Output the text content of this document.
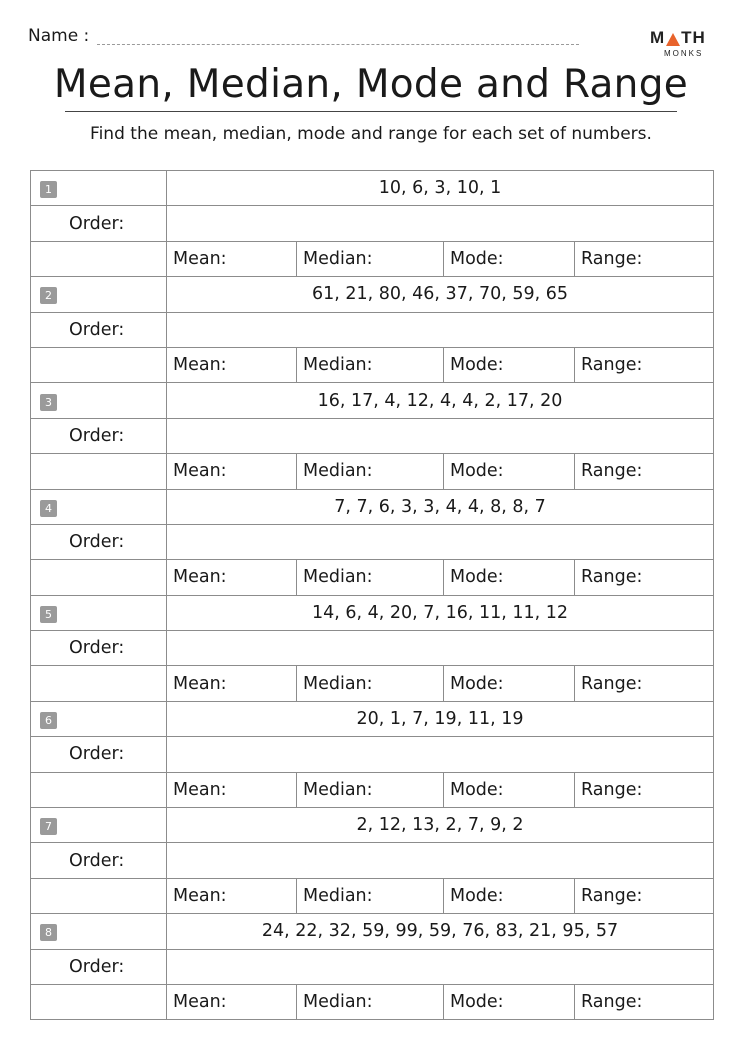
Name :	M TH
MONKS
Mean, Median, Mode and Range
Find the mean, median, mode and range for each set of numbers.
1	10, 6, 3, 10, 1			
Order:				
	Mean:	Median:	Mode:	Range:
2	61, 21, 80, 46, 37, 70, 59, 65			
Order:				
	Mean:	Median:	Mode:	Range:
3	16, 17, 4, 12, 4, 4, 2, 17, 20			
Order:				
	Mean:	Median:	Mode:	Range:
4	7, 7, 6, 3, 3, 4, 4, 8, 8, 7			
Order:				
	Mean:	Median:	Mode:	Range:
5	14, 6, 4, 20, 7, 16, 11, 11, 12			
Order:				
	Mean:	Median:	Mode:	Range:
6	20, 1, 7, 19, 11, 19			
Order:				
	Mean:	Median:	Mode:	Range:
7	2, 12, 13, 2, 7, 9, 2			
Order:				
	Mean:	Median:	Mode:	Range:
8	24, 22, 32, 59, 99, 59, 76, 83, 21, 95, 57			
Order:				
	Mean:	Median:	Mode:	Range:
